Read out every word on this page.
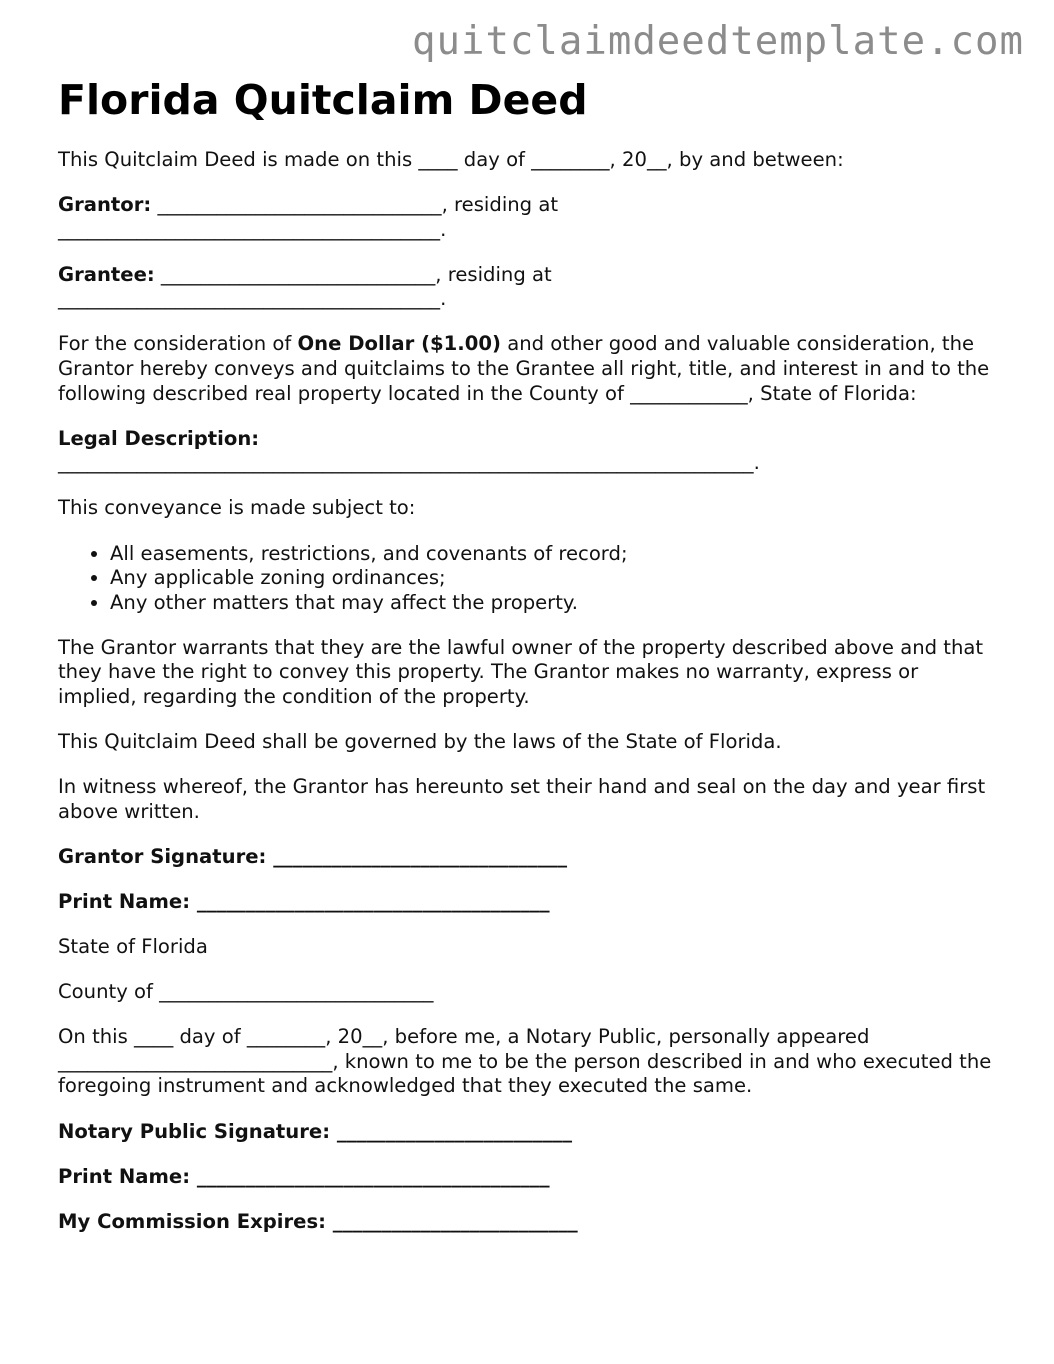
quitclaimdeedtemplate.com

Florida Quitclaim Deed

This Quitclaim Deed is made on this ____ day of ________, 20__, by and between:

Grantor: _____________________________, residing at
_______________________________________.

Grantee: ____________________________, residing at
_______________________________________.

For the consideration of One Dollar ($1.00) and other good and valuable consideration, the Grantor hereby conveys and quitclaims to the Grantee all right, title, and interest in and to the following described real property located in the County of ____________, State of Florida:

Legal Description:
_______________________________________________________________________.

This conveyance is made subject to:

• All easements, restrictions, and covenants of record;
• Any applicable zoning ordinances;
• Any other matters that may affect the property.

The Grantor warrants that they are the lawful owner of the property described above and that they have the right to convey this property. The Grantor makes no warranty, express or implied, regarding the condition of the property.

This Quitclaim Deed shall be governed by the laws of the State of Florida.

In witness whereof, the Grantor has hereunto set their hand and seal on the day and year first above written.

Grantor Signature: ______________________________

Print Name: ____________________________________

State of Florida

County of ____________________________

On this ____ day of ________, 20__, before me, a Notary Public, personally appeared ____________________________, known to me to be the person described in and who executed the foregoing instrument and acknowledged that they executed the same.

Notary Public Signature: ________________________

Print Name: ____________________________________

My Commission Expires: _________________________
